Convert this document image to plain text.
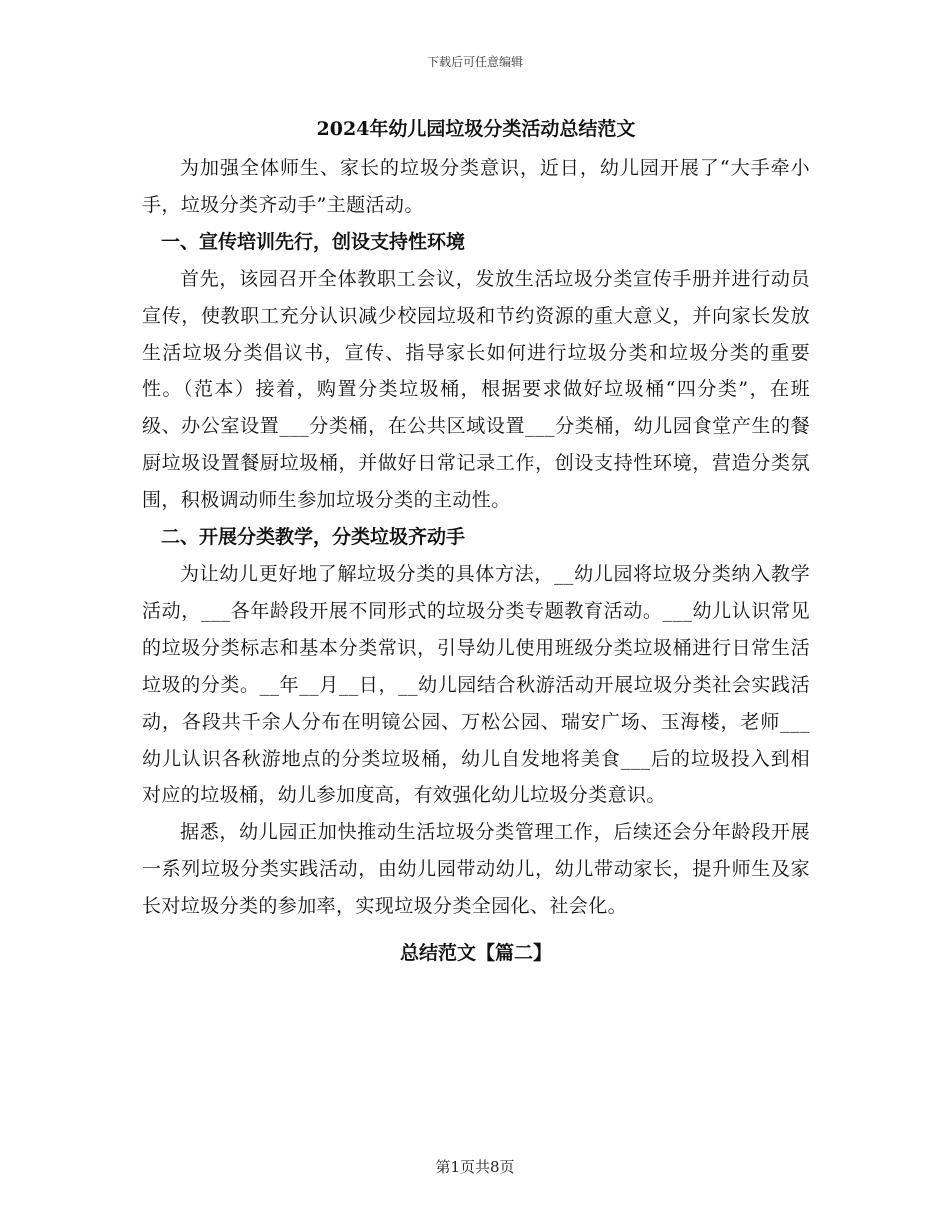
下载后可任意编辑
2024年幼儿园垃圾分类活动总结范文

为加强全体师生、家长的垃圾分类意识，近日，幼儿园开展了“大手牵小手，垃圾分类齐动手”主题活动。

一、宣传培训先行，创设支持性环境

首先，该园召开全体教职工会议，发放生活垃圾分类宣传手册并进行动员宣传，使教职工充分认识减少校园垃圾和节约资源的重大意义，并向家长发放生活垃圾分类倡议书，宣传、指导家长如何进行垃圾分类和垃圾分类的重要性。（范本）接着，购置分类垃圾桶，根据要求做好垃圾桶“四分类”，在班级、办公室设置___分类桶，在公共区域设置___分类桶，幼儿园食堂产生的餐厨垃圾设置餐厨垃圾桶，并做好日常记录工作，创设支持性环境，营造分类氛围，积极调动师生参加垃圾分类的主动性。

二、开展分类教学，分类垃圾齐动手

为让幼儿更好地了解垃圾分类的具体方法，__幼儿园将垃圾分类纳入教学活动，___各年龄段开展不同形式的垃圾分类专题教育活动。___幼儿认识常见的垃圾分类标志和基本分类常识，引导幼儿使用班级分类垃圾桶进行日常生活垃圾的分类。__年__月__日，__幼儿园结合秋游活动开展垃圾分类社会实践活动，各段共千余人分布在明镜公园、万松公园、瑞安广场、玉海楼，老师___幼儿认识各秋游地点的分类垃圾桶，幼儿自发地将美食___后的垃圾投入到相对应的垃圾桶，幼儿参加度高，有效强化幼儿垃圾分类意识。

据悉，幼儿园正加快推动生活垃圾分类管理工作，后续还会分年龄段开展一系列垃圾分类实践活动，由幼儿园带动幼儿，幼儿带动家长，提升师生及家长对垃圾分类的参加率，实现垃圾分类全园化、社会化。

总结范文【篇二】
第1页共8页
